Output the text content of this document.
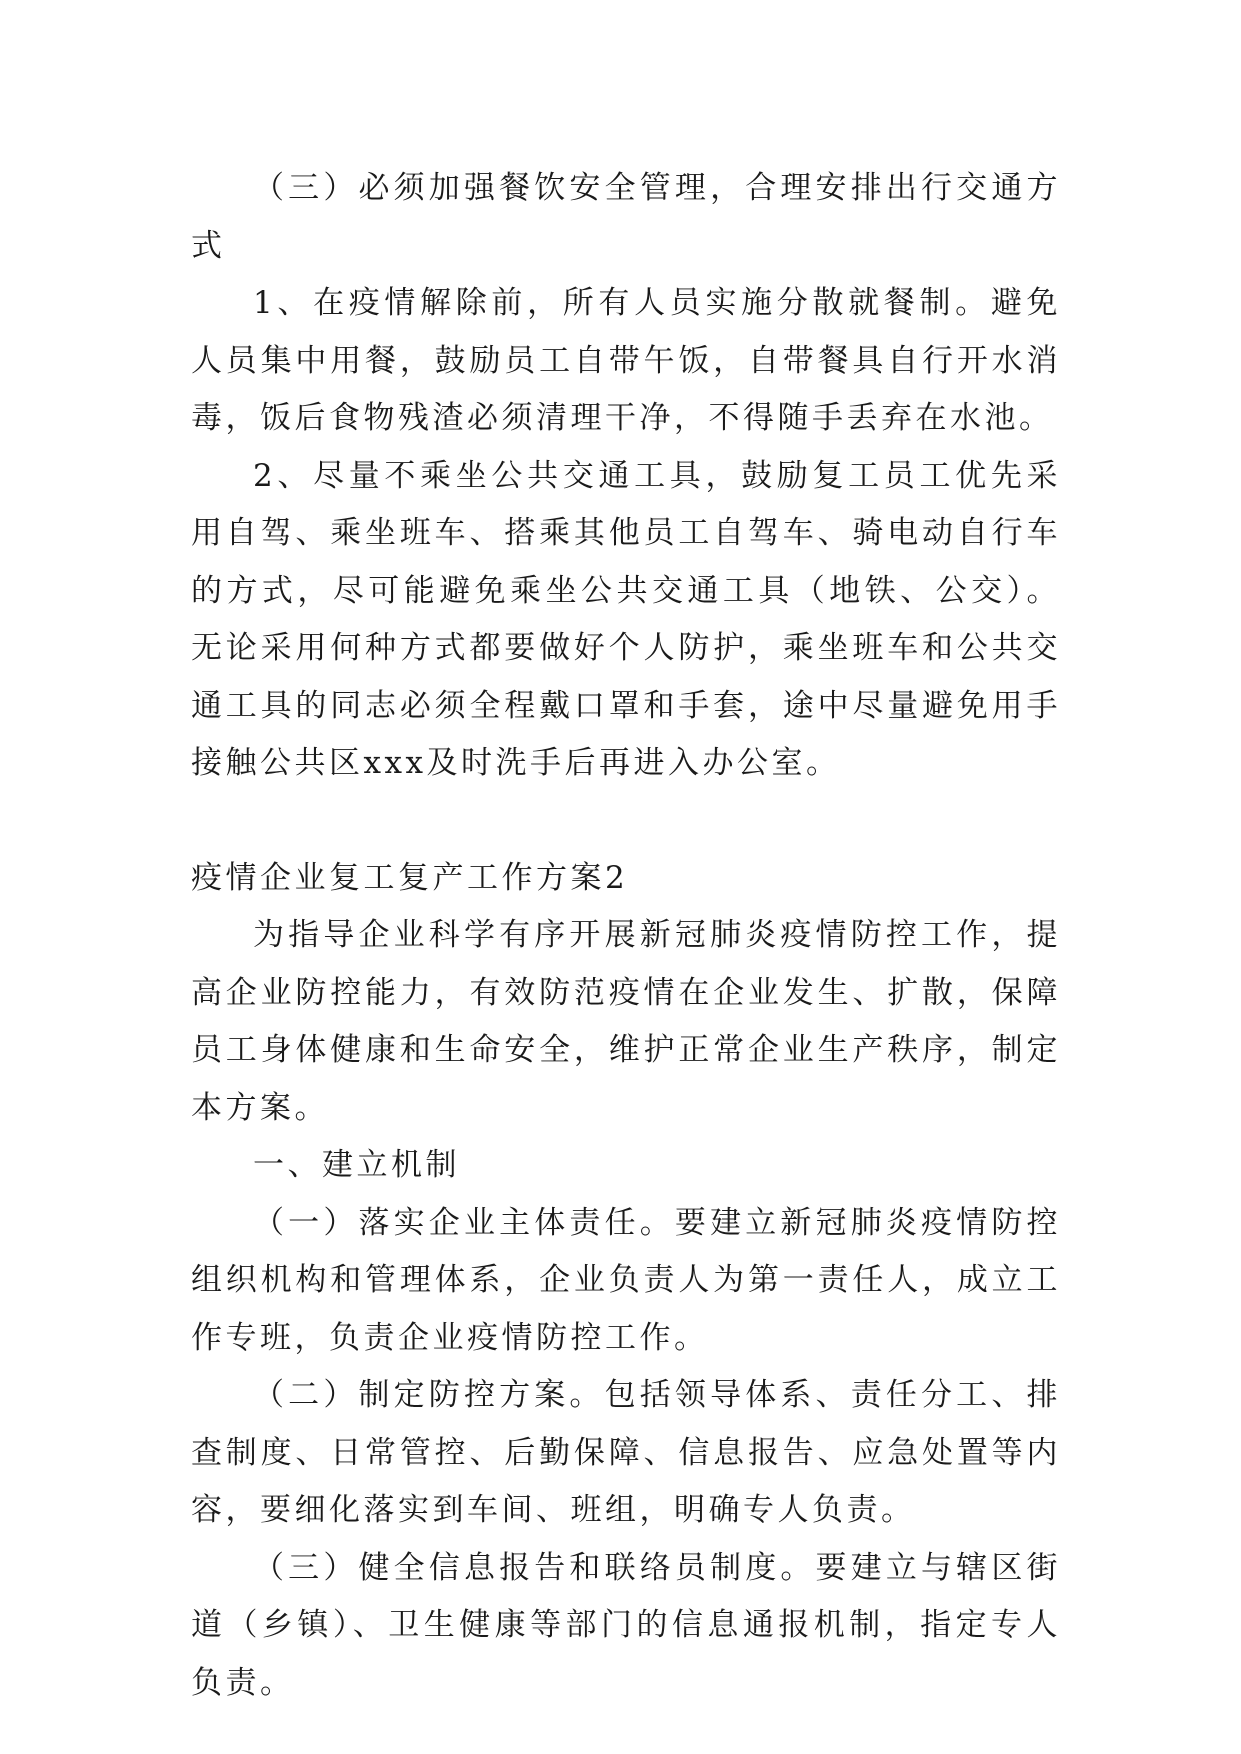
（三）必须加强餐饮安全管理，合理安排出行交通方式

1、在疫情解除前，所有人员实施分散就餐制。避免人员集中用餐，鼓励员工自带午饭，自带餐具自行开水消毒，饭后食物残渣必须清理干净，不得随手丢弃在水池。

2、尽量不乘坐公共交通工具，鼓励复工员工优先采用自驾、乘坐班车、搭乘其他员工自驾车、骑电动自行车的方式，尽可能避免乘坐公共交通工具（地铁、公交）。无论采用何种方式都要做好个人防护，乘坐班车和公共交通工具的同志必须全程戴口罩和手套，途中尽量避免用手接触公共区xxx及时洗手后再进入办公室。

疫情企业复工复产工作方案2

为指导企业科学有序开展新冠肺炎疫情防控工作，提高企业防控能力，有效防范疫情在企业发生、扩散，保障员工身体健康和生命安全，维护正常企业生产秩序，制定本方案。

一、建立机制

（一）落实企业主体责任。要建立新冠肺炎疫情防控组织机构和管理体系，企业负责人为第一责任人，成立工作专班，负责企业疫情防控工作。

（二）制定防控方案。包括领导体系、责任分工、排查制度、日常管控、后勤保障、信息报告、应急处置等内容，要细化落实到车间、班组，明确专人负责。

（三）健全信息报告和联络员制度。要建立与辖区街道（乡镇）、卫生健康等部门的信息通报机制，指定专人负责。
